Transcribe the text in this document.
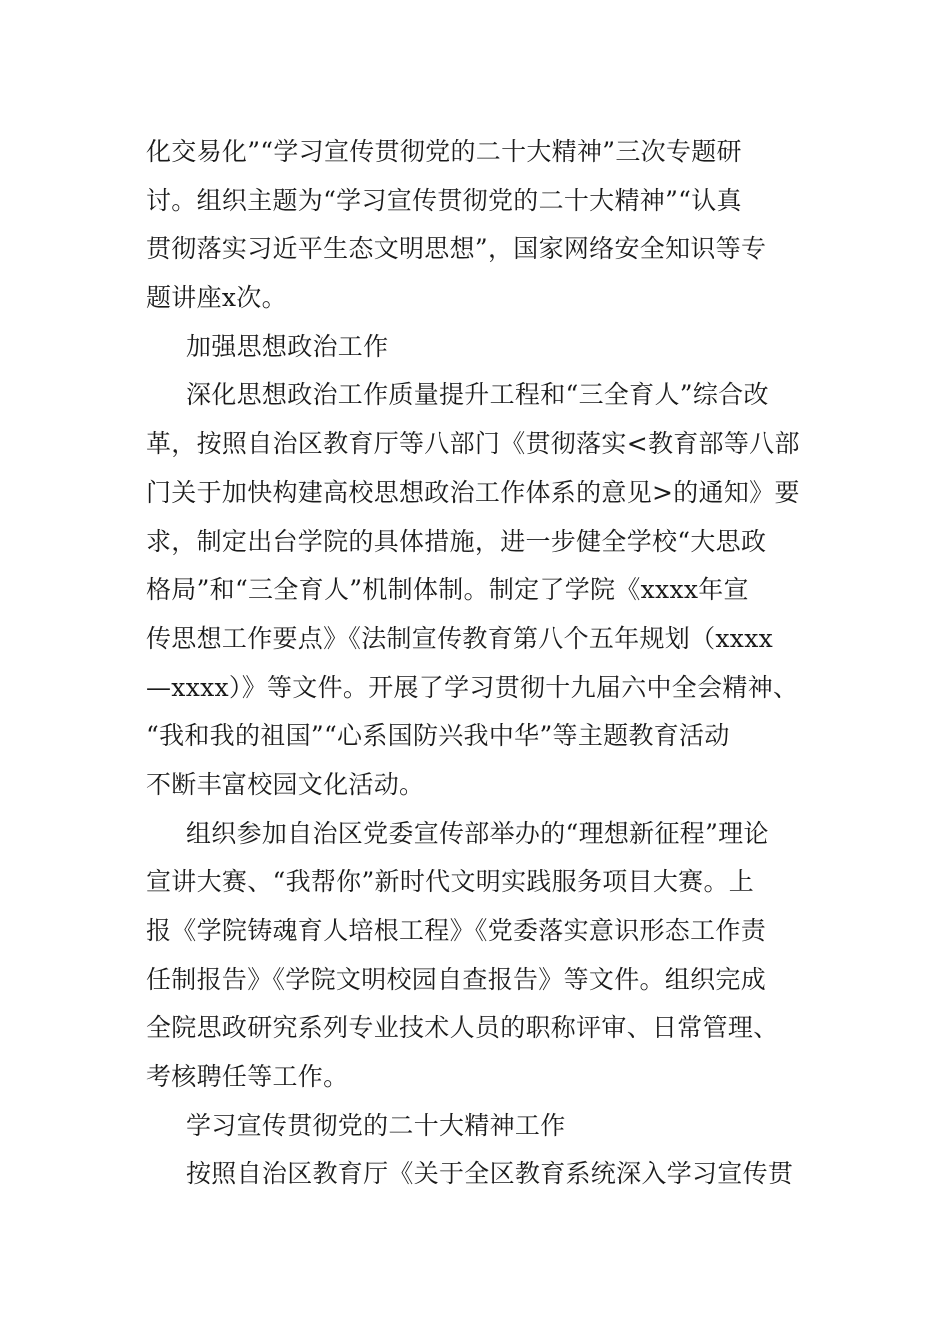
化交易化”“学习宣传贯彻党的二十大精神”三次专题研
讨。组织主题为“学习宣传贯彻党的二十大精神”“认真
贯彻落实习近平生态文明思想”，国家网络安全知识等专
题讲座x次。
加强思想政治工作
深化思想政治工作质量提升工程和“三全育人”综合改
革，按照自治区教育厅等八部门《贯彻落实<教育部等八部
门关于加快构建高校思想政治工作体系的意见>的通知》要
求，制定出台学院的具体措施，进一步健全学校“大思政
格局”和“三全育人”机制体制。制定了学院《xxxx年宣
传思想工作要点》《法制宣传教育第八个五年规划（xxxx
—xxxx）》等文件。开展了学习贯彻十九届六中全会精神、
“我和我的祖国”“心系国防兴我中华”等主题教育活动
不断丰富校园文化活动。
组织参加自治区党委宣传部举办的“理想新征程”理论
宣讲大赛、“我帮你”新时代文明实践服务项目大赛。上
报《学院铸魂育人培根工程》《党委落实意识形态工作责
任制报告》《学院文明校园自查报告》等文件。组织完成
全院思政研究系列专业技术人员的职称评审、日常管理、
考核聘任等工作。
学习宣传贯彻党的二十大精神工作
按照自治区教育厅《关于全区教育系统深入学习宣传贯
